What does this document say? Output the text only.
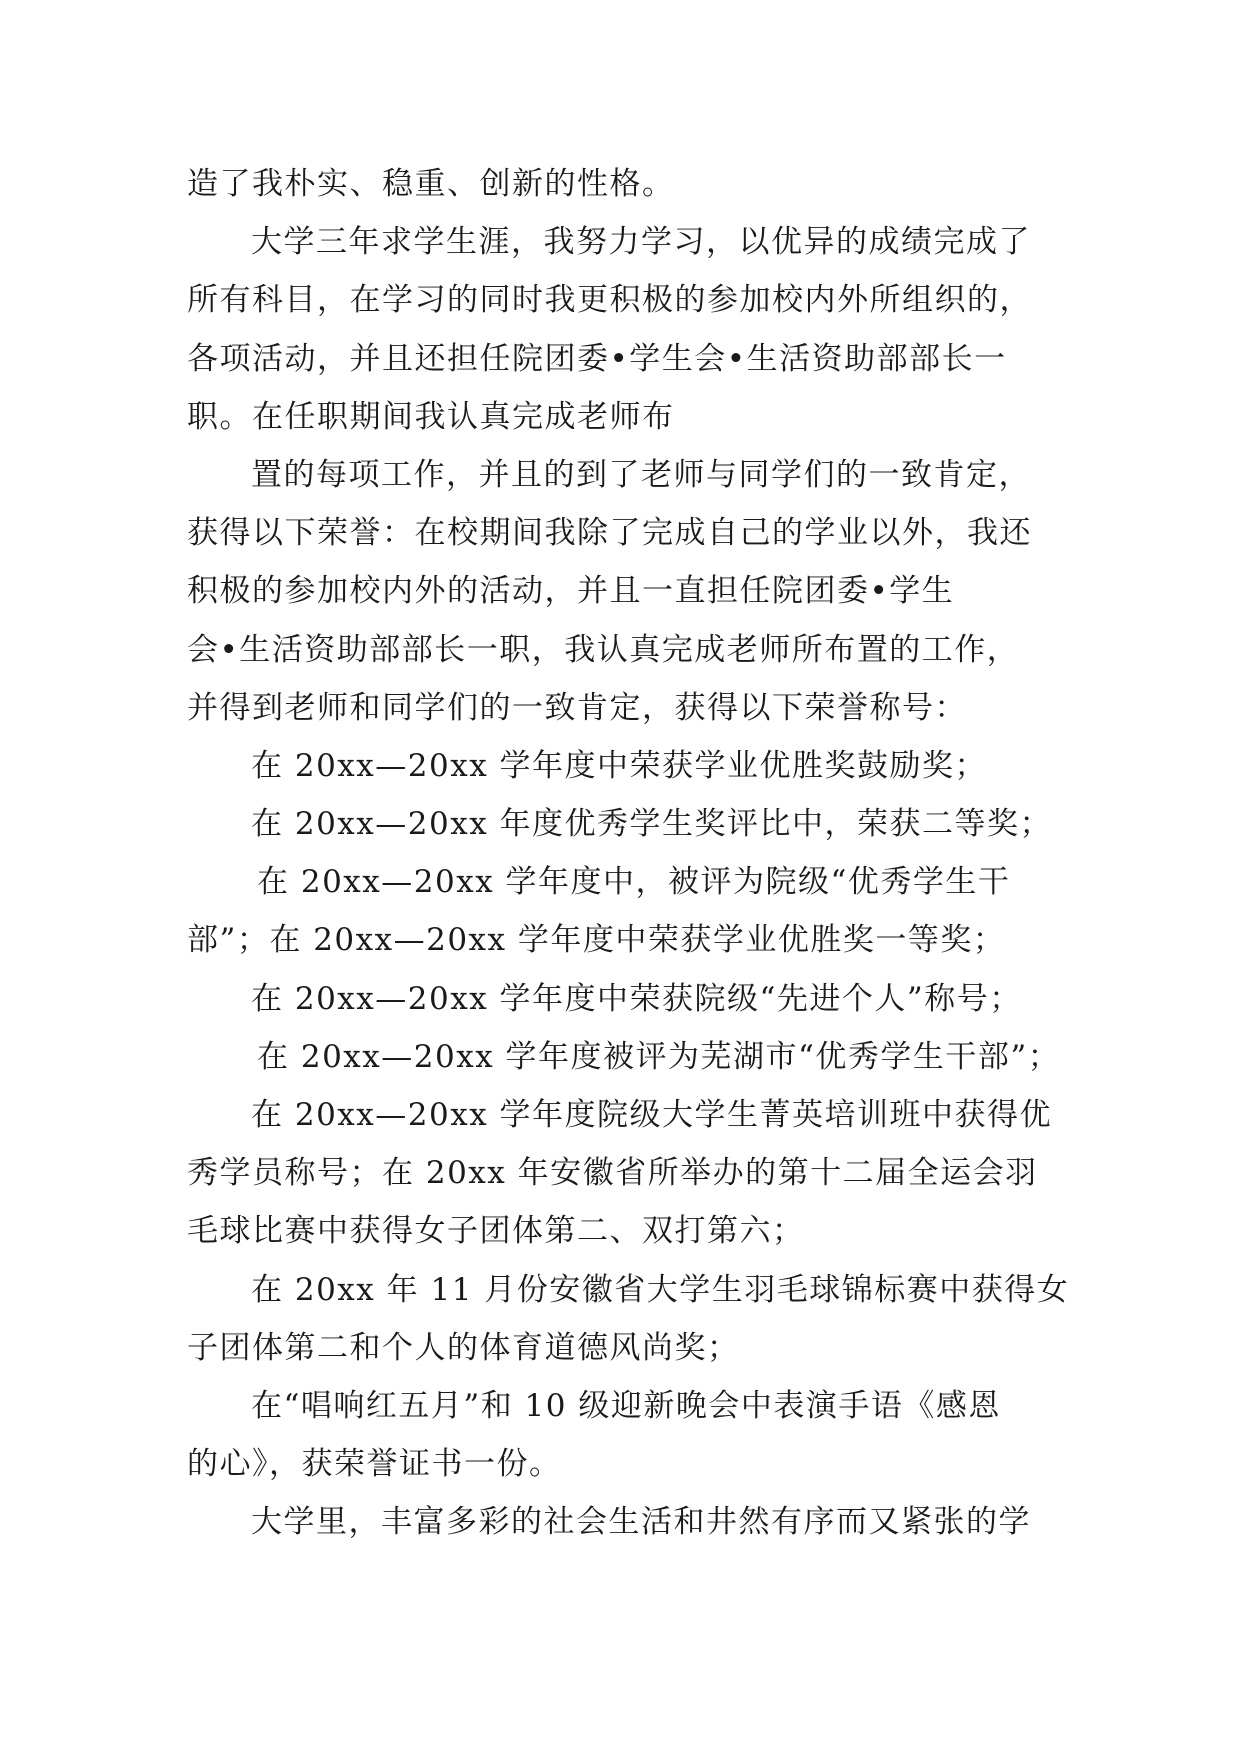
造了我朴实、稳重、创新的性格。
大学三年求学生涯，我努力学习，以优异的成绩完成了
所有科目，在学习的同时我更积极的参加校内外所组织的，
各项活动，并且还担任院团委•学生会•生活资助部部长一
职。在任职期间我认真完成老师布
置的每项工作，并且的到了老师与同学们的一致肯定，
获得以下荣誉：在校期间我除了完成自己的学业以外，我还
积极的参加校内外的活动，并且一直担任院团委•学生
会•生活资助部部长一职，我认真完成老师所布置的工作，
并得到老师和同学们的一致肯定，获得以下荣誉称号：
在 20xx—20xx 学年度中荣获学业优胜奖鼓励奖；
在 20xx—20xx 年度优秀学生奖评比中，荣获二等奖；
在 20xx—20xx 学年度中，被评为院级“优秀学生干
部”；在 20xx—20xx 学年度中荣获学业优胜奖一等奖；
在 20xx—20xx 学年度中荣获院级“先进个人”称号；
在 20xx—20xx 学年度被评为芜湖市“优秀学生干部”；
在 20xx—20xx 学年度院级大学生菁英培训班中获得优
秀学员称号；在 20xx 年安徽省所举办的第十二届全运会羽
毛球比赛中获得女子团体第二、双打第六；
在 20xx 年 11 月份安徽省大学生羽毛球锦标赛中获得女
子团体第二和个人的体育道德风尚奖；
在“唱响红五月”和 10 级迎新晚会中表演手语《感恩
的心》，获荣誉证书一份。
大学里，丰富多彩的社会生活和井然有序而又紧张的学
